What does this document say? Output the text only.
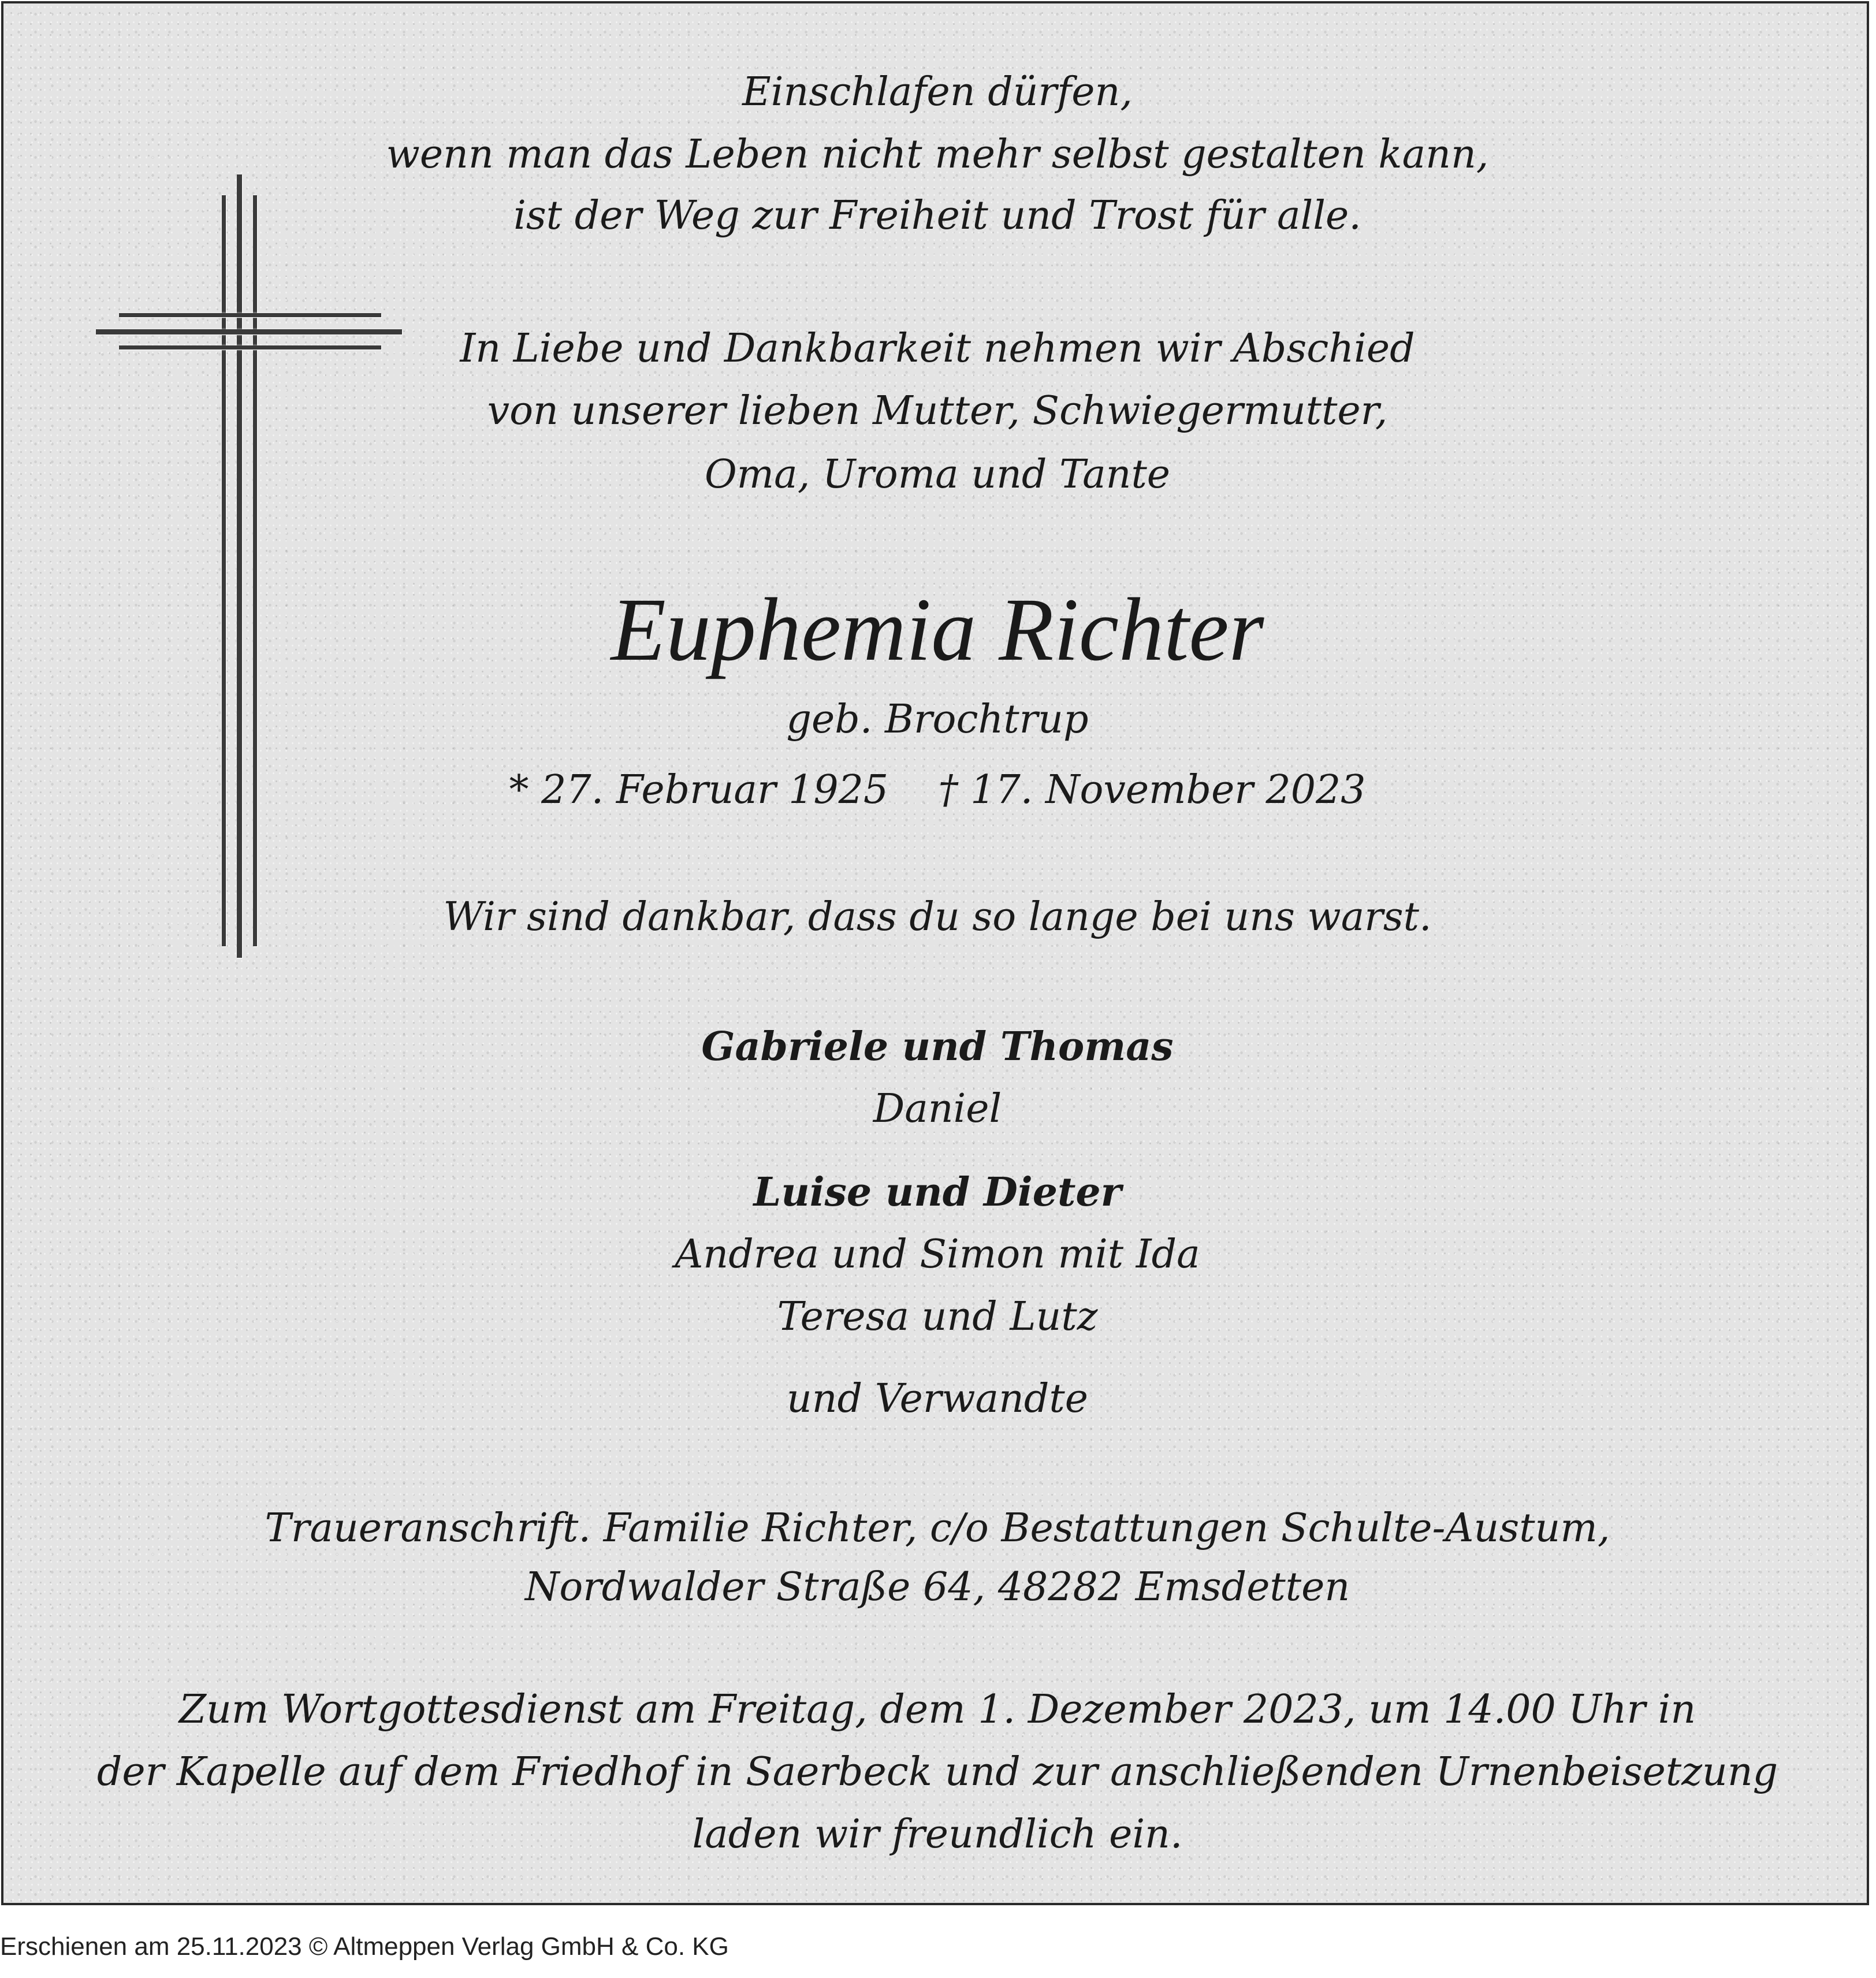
Einschlafen dürfen,
wenn man das Leben nicht mehr selbst gestalten kann,
ist der Weg zur Freiheit und Trost für alle.
In Liebe und Dankbarkeit nehmen wir Abschied
von unserer lieben Mutter, Schwiegermutter,
Oma, Uroma und Tante
Euphemia Richter
geb. Brochtrup
* 27. Februar 1925    † 17. November 2023
Wir sind dankbar, dass du so lange bei uns warst.
Gabriele und Thomas
Daniel
Luise und Dieter
Andrea und Simon mit Ida
Teresa und Lutz
und Verwandte
Traueranschrift. Familie Richter, c/o Bestattungen Schulte-Austum,
Nordwalder Straße 64, 48282 Emsdetten
Zum Wortgottesdienst am Freitag, dem 1. Dezember 2023, um 14.00 Uhr in
der Kapelle auf dem Friedhof in Saerbeck und zur anschließenden Urnenbeisetzung
laden wir freundlich ein.
Erschienen am 25.11.2023 © Altmeppen Verlag GmbH & Co. KG
